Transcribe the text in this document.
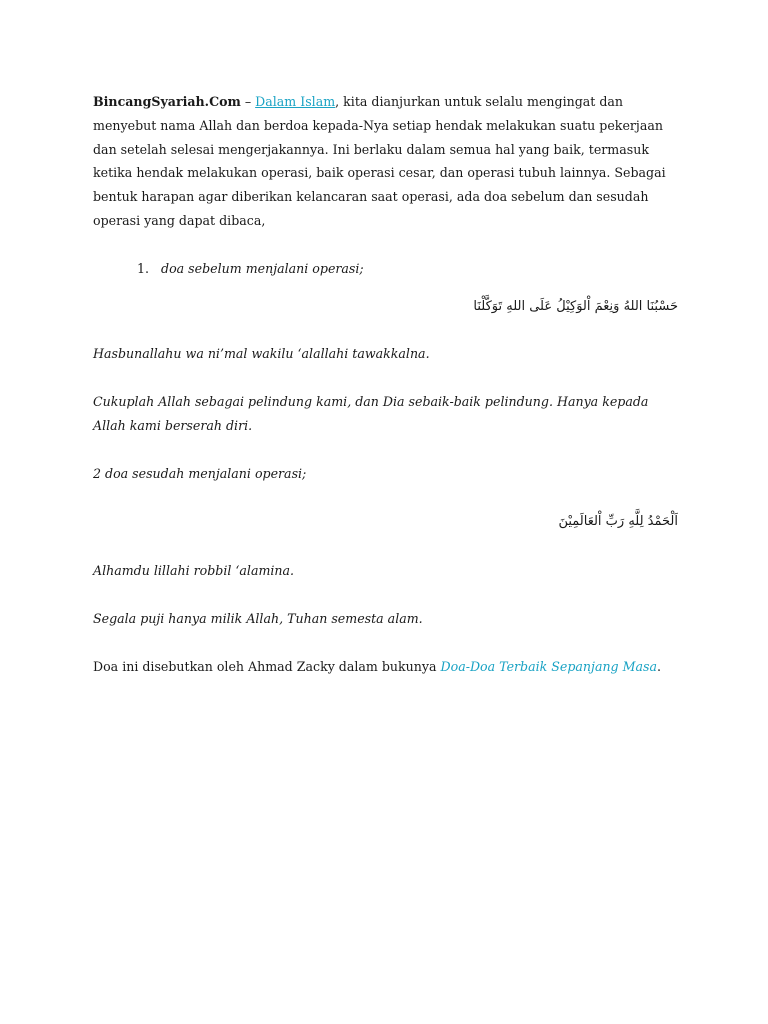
BincangSyariah.Com – Dalam Islam, kita dianjurkan untuk selalu mengingat dan menyebut nama Allah dan berdoa kepada-Nya setiap hendak melakukan suatu pekerjaan dan setelah selesai mengerjakannya. Ini berlaku dalam semua hal yang baik, termasuk ketika hendak melakukan operasi, baik operasi cesar, dan operasi tubuh lainnya. Sebagai bentuk harapan agar diberikan kelancaran saat operasi, ada doa sebelum dan sesudah operasi yang dapat dibaca,

1. doa sebelum menjalani operasi;

حَسْبُنَا اللهُ وَنِعْمَ اْلوَكِيْلُ عَلَى اللهِ تَوَكَّلْنَا

Hasbunallahu wa ni’mal wakilu ‘alallahi tawakkalna.

Cukuplah Allah sebagai pelindung kami, dan Dia sebaik-baik pelindung. Hanya kepada Allah kami berserah diri.

2 doa sesudah menjalani operasi;

اَلْحَمْدُ لِلَّهِ رَبِّ اْلعَالَمِيْنَ

Alhamdu lillahi robbil ‘alamina.

Segala puji hanya milik Allah, Tuhan semesta alam.

Doa ini disebutkan oleh Ahmad Zacky dalam bukunya Doa-Doa Terbaik Sepanjang Masa.
